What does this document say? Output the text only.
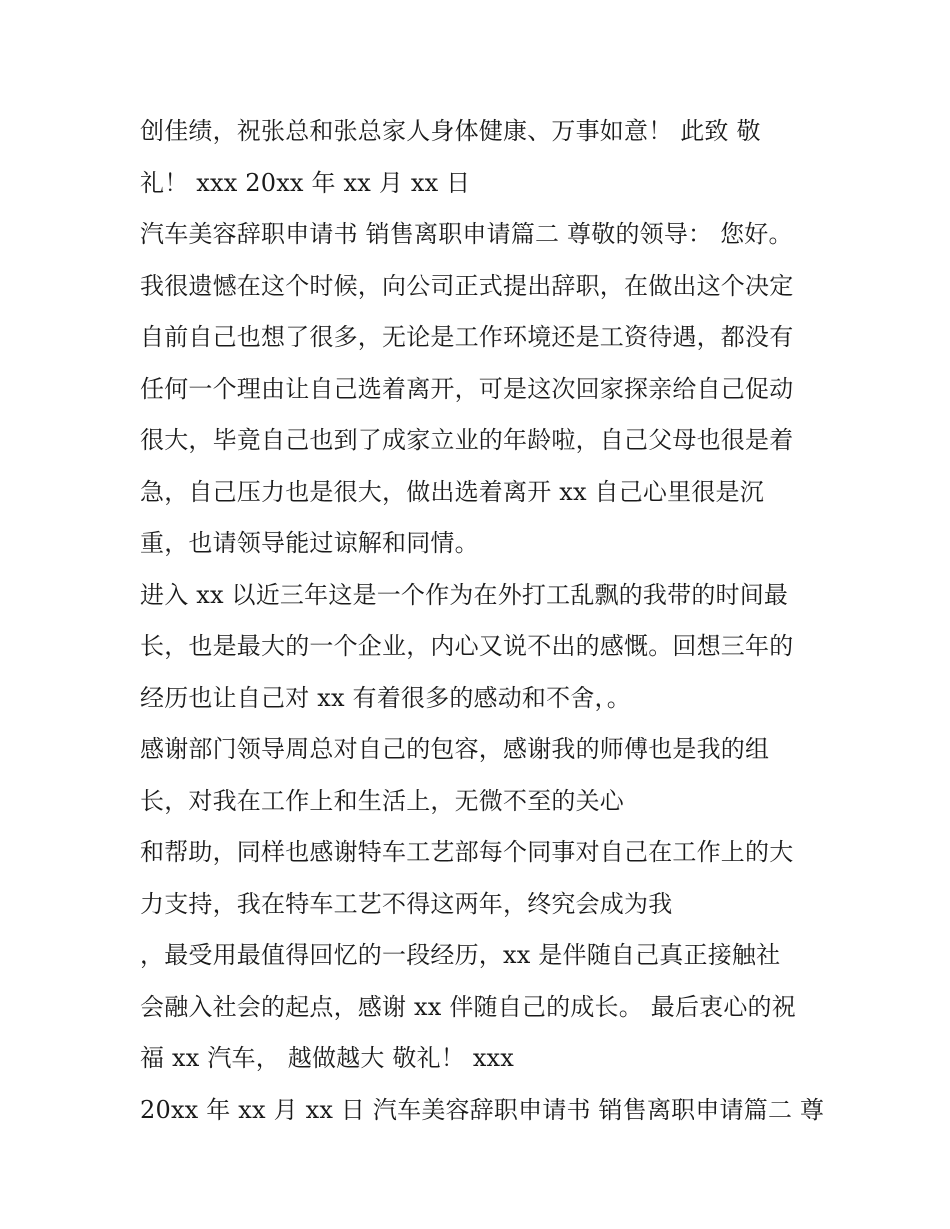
创佳绩，祝张总和张总家人身体健康、万事如意！ 此致 敬
礼！ xxx 20xx 年 xx 月 xx 日
汽车美容辞职申请书 销售离职申请篇二 尊敬的领导： 您好。
我很遗憾在这个时候，向公司正式提出辞职，在做出这个决定
自前自己也想了很多，无论是工作环境还是工资待遇，都没有
任何一个理由让自己选着离开，可是这次回家探亲给自己促动
很大，毕竟自己也到了成家立业的年龄啦，自己父母也很是着
急，自己压力也是很大，做出选着离开 xx 自己心里很是沉
重，也请领导能过谅解和同情。
进入 xx 以近三年这是一个作为在外打工乱飘的我带的时间最
长，也是最大的一个企业，内心又说不出的感慨。回想三年的
经历也让自己对 xx 有着很多的感动和不舍，。
感谢部门领导周总对自己的包容，感谢我的师傅也是我的组
长，对我在工作上和生活上，无微不至的关心
和帮助，同样也感谢特车工艺部每个同事对自己在工作上的大
力支持，我在特车工艺不得这两年，终究会成为我
，最受用最值得回忆的一段经历，xx 是伴随自己真正接触社
会融入社会的起点，感谢 xx 伴随自己的成长。 最后衷心的祝
福 xx 汽车， 越做越大 敬礼！ xxx
20xx 年 xx 月 xx 日 汽车美容辞职申请书 销售离职申请篇二 尊
